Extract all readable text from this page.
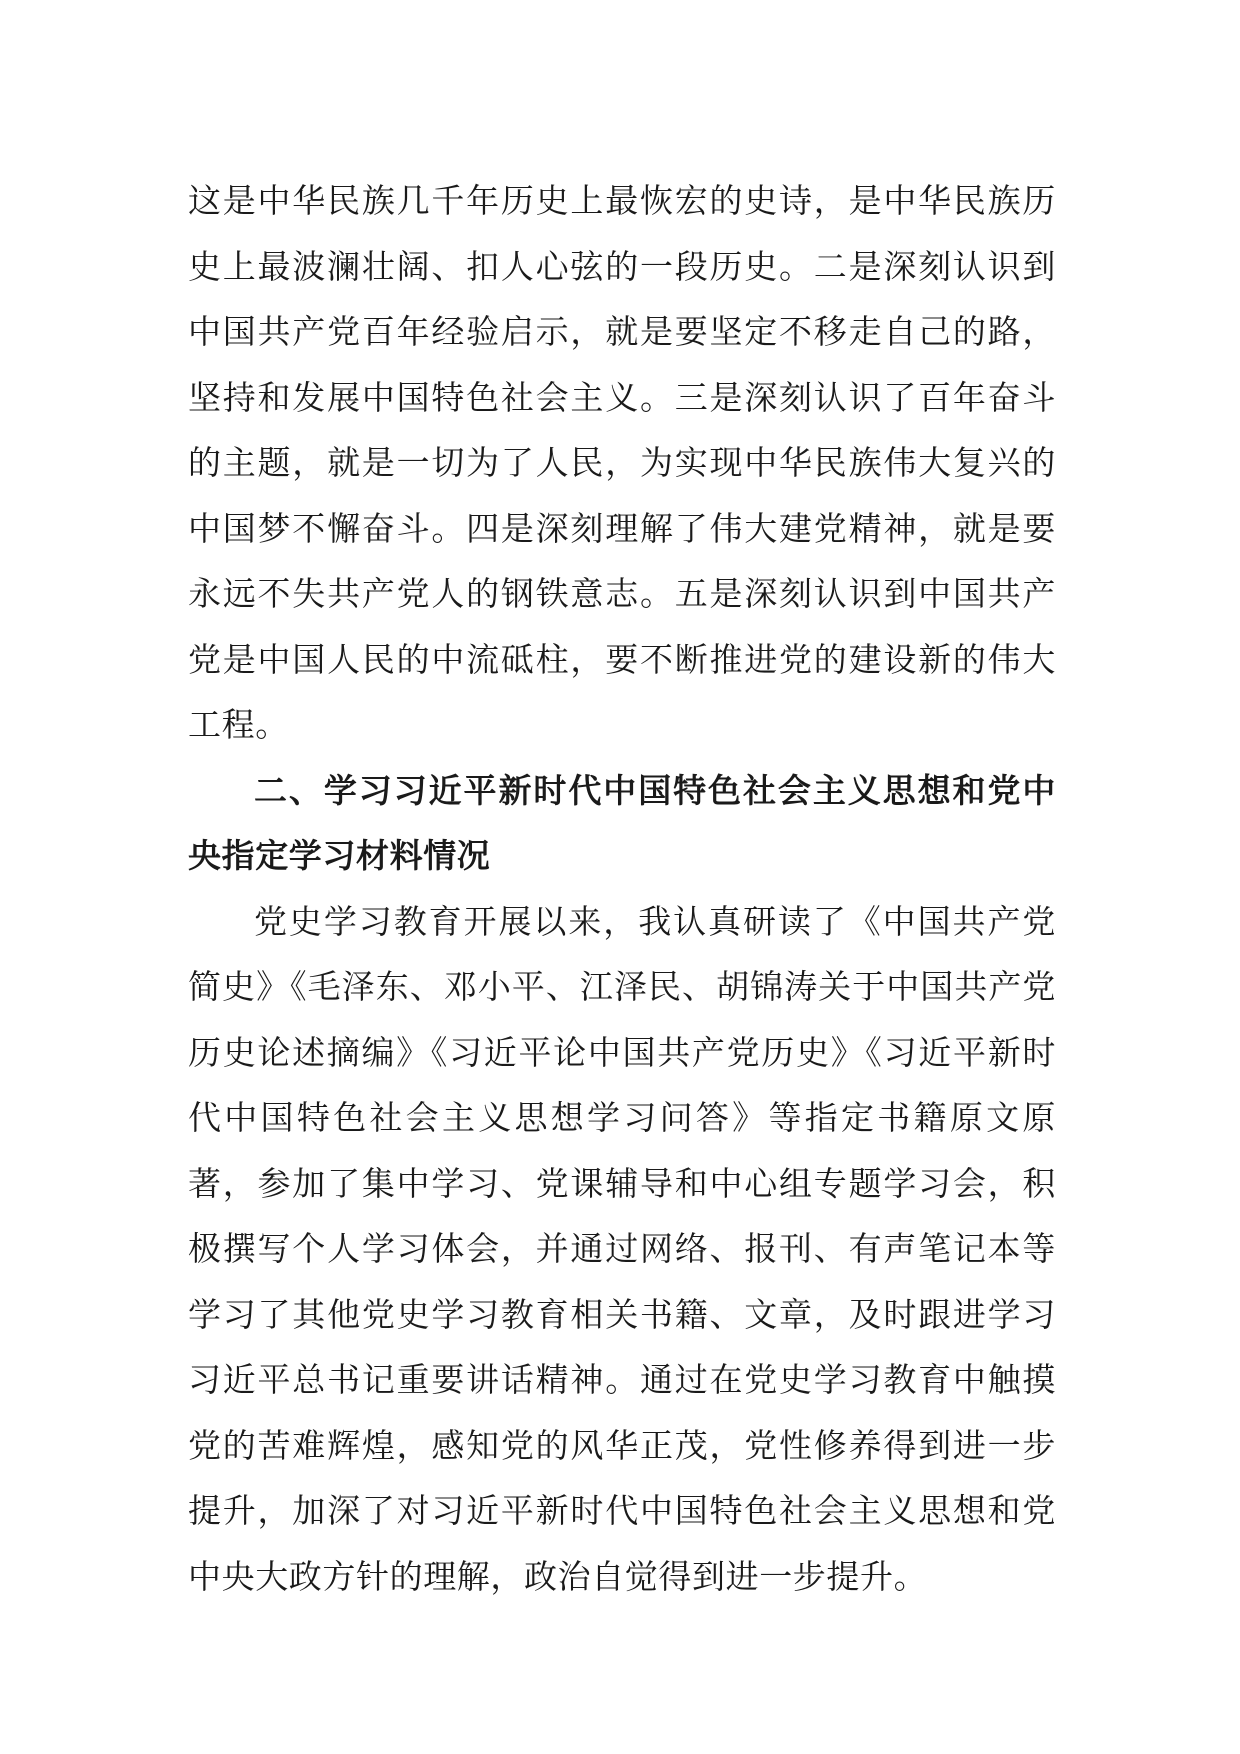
这是中华民族几千年历史上最恢宏的史诗，是中华民族历史上最波澜壮阔、扣人心弦的一段历史。二是深刻认识到中国共产党百年经验启示，就是要坚定不移走自己的路，坚持和发展中国特色社会主义。三是深刻认识了百年奋斗的主题，就是一切为了人民，为实现中华民族伟大复兴的中国梦不懈奋斗。四是深刻理解了伟大建党精神，就是要永远不失共产党人的钢铁意志。五是深刻认识到中国共产党是中国人民的中流砥柱，要不断推进党的建设新的伟大工程。

二、学习习近平新时代中国特色社会主义思想和党中央指定学习材料情况

党史学习教育开展以来，我认真研读了《中国共产党简史》《毛泽东、邓小平、江泽民、胡锦涛关于中国共产党历史论述摘编》《习近平论中国共产党历史》《习近平新时代中国特色社会主义思想学习问答》等指定书籍原文原著，参加了集中学习、党课辅导和中心组专题学习会，积极撰写个人学习体会，并通过网络、报刊、有声笔记本等学习了其他党史学习教育相关书籍、文章，及时跟进学习习近平总书记重要讲话精神。通过在党史学习教育中触摸党的苦难辉煌，感知党的风华正茂，党性修养得到进一步提升，加深了对习近平新时代中国特色社会主义思想和党中央大政方针的理解，政治自觉得到进一步提升。
